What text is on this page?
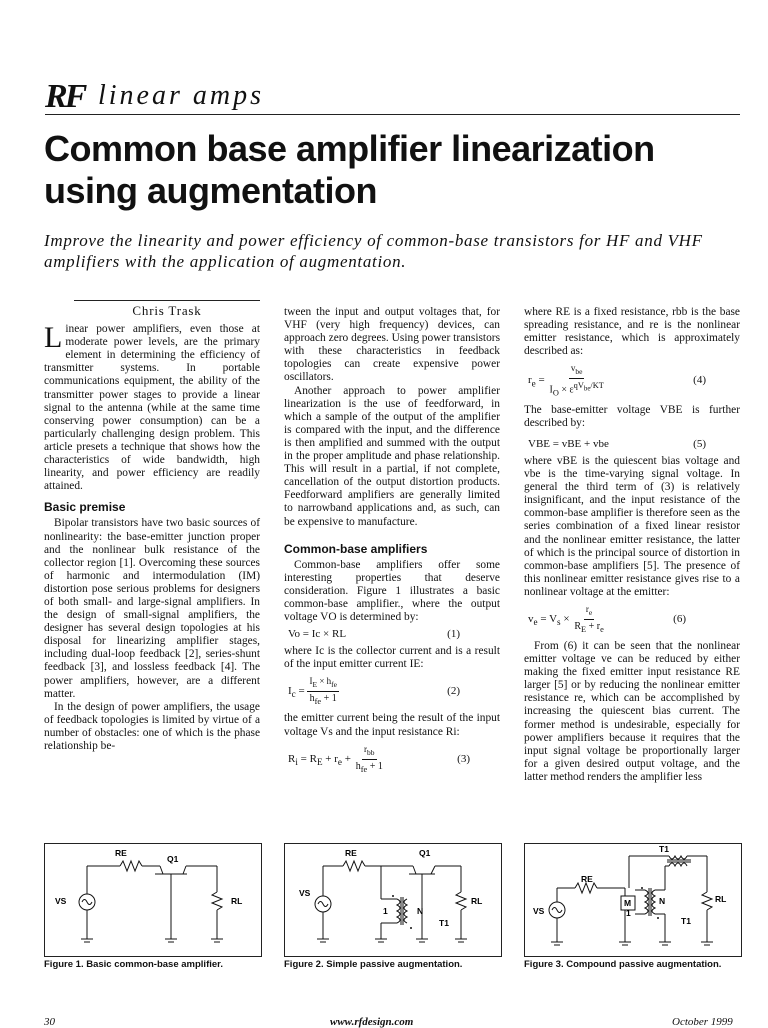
RF linear amps
Common base amplifier linearization using augmentation
Improve the linearity and power efficiency of common-base transistors for HF and VHF amplifiers with the application of augmentation.
Chris Trask

Linear power amplifiers, even those at moderate power levels, are the primary element in determining the efficiency of transmitter systems. In portable communications equipment, the ability of the transmitter power stages to provide a linear signal to the antenna (while at the same time conserving power consumption) can be a particularly challenging design problem. This article presets a technique that shows how the characteristics of wide bandwidth, high linearity, and power efficiency are readily attained.

Basic premise

Bipolar transistors have two basic sources of nonlinearity: the base-emitter junction proper and the nonlinear bulk resistance of the collector region [1]. Overcoming these sources of harmonic and intermodulation (IM) distortion pose serious problems for designers of both small- and large-signal amplifiers. In the design of small-signal amplifiers, the designer has several design topologies at his disposal for linearizing amplifier stages, including dual-loop feedback [2], series-shunt feedback [3], and lossless feedback [4]. The power amplifiers, however, are a different matter.

In the design of power amplifiers, the usage of feedback topologies is limited by virtue of a number of obstacles: one of which is the phase relationship be-

tween the input and output voltages that, for VHF (very high frequency) devices, can approach zero degrees. Using power transistors with these characteristics in feedback topologies can create expensive power oscillators.

Another approach to power amplifier linearization is the use of feedforward, in which a sample of the output of the amplifier is compared with the input, and the difference is then amplified and summed with the output in the proper amplitude and phase relationship. This will result in a partial, if not complete, cancellation of the output distortion products. Feedforward amplifiers are generally limited to narrowband applications and, as such, can be expensive to manufacture.

Common-base amplifiers

Common-base amplifiers offer some interesting properties that deserve consideration. Figure 1 illustrates a basic common-base amplifier., where the output voltage VO is determined by:

Vo = Ic × RL	(1)

where Ic is the collector current and is a result of the input emitter current IE:

$I_c = \frac{I_E \times h_{fe}}{h_{fe} + 1}$	(2)

the emitter current being the result of the input voltage Vs and the input resistance Ri:

$R_i = R_E + r_e + \frac{r_{bb}}{h_{fe} + 1}$	(3)

where RE is a fixed resistance, rbb is the base spreading resistance, and re is the nonlinear emitter resistance, which is approximately described as:

$r_e = \frac{v_{be}}{I_O \times \varepsilon^{qV_{be}/KT}}$	(4)

The base-emitter voltage VBE is further described by:

VBE = vBE + vbe	(5)

where vBE is the quiescent bias voltage and vbe is the time-varying signal voltage. In general the third term of (3) is relatively insignificant, and the input resistance of the common-base amplifier is therefore seen as the series combination of a fixed linear resistor and the nonlinear emitter resistance, the latter of which is the principal source of distortion in common-base amplifiers [5]. The presence of this nonlinear emitter resistance gives rise to a nonlinear voltage at the emitter:

$v_e = V_s \times \frac{r_e}{R_E + r_e}$	(6)

From (6) it can be seen that the nonlinear emitter voltage ve can be reduced by either making the fixed emitter input resistance RE larger [5] or by reducing the nonlinear emitter resistance re, which can be accomplished by increasing the quiescent bias current. The former method is undesirable, especially for power amplifiers because it requires that the input signal voltage be proportionally larger for a given desired output voltage, and the latter method renders the amplifier less

RE
Q1
VS	RL
Figure 1. Basic common-base amplifier.
RE	Q1
VS
RL
1	N
T1
Figure 2. Simple passive augmentation.
RE
T1
VS
RL
M
1
N
T1
Figure 3. Compound passive augmentation.
30	www.rfdesign.com	October 1999
